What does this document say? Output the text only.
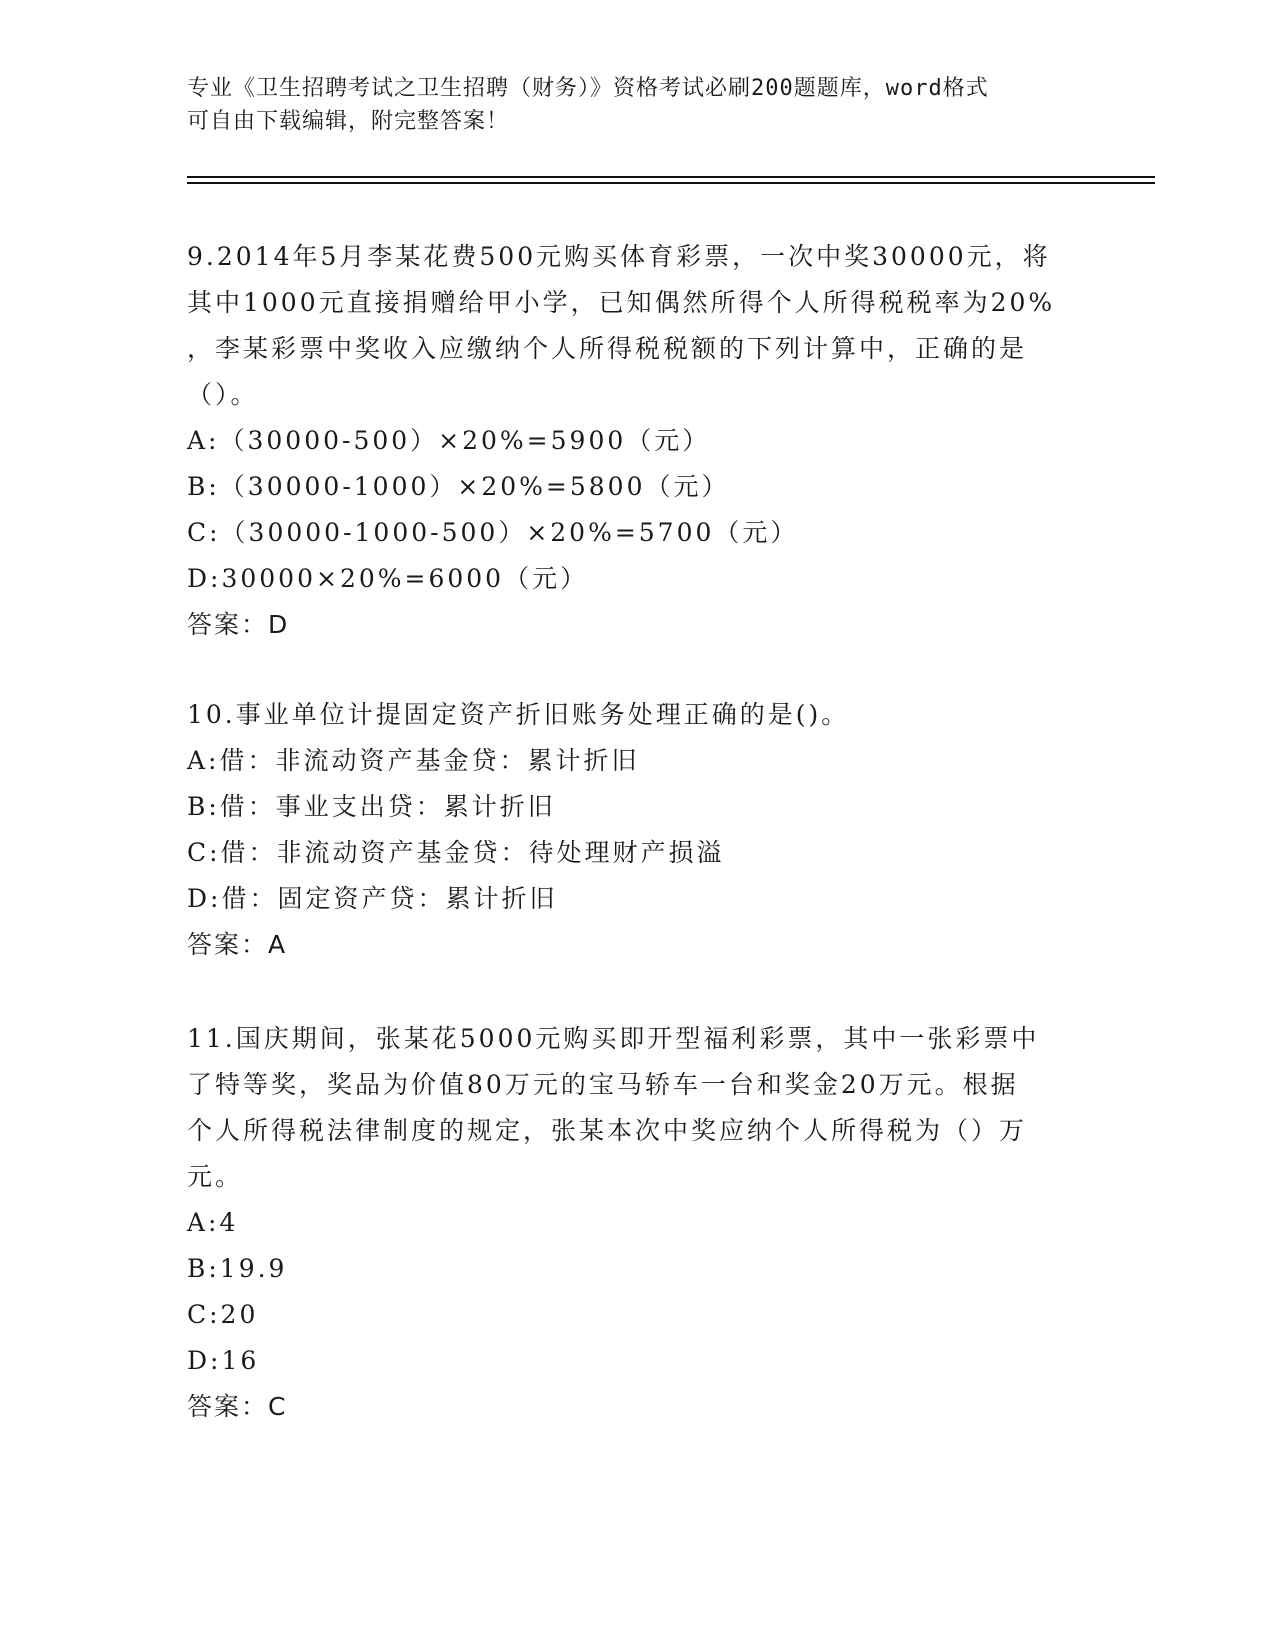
专业《卫生招聘考试之卫生招聘（财务）》资格考试必刷200题题库，word格式
可自由下载编辑，附完整答案！
9.2014年5月李某花费500元购买体育彩票，一次中奖30000元，将
其中1000元直接捐赠给甲小学，已知偶然所得个人所得税税率为20%
，李某彩票中奖收入应缴纳个人所得税税额的下列计算中，正确的是
（）。
A:（30000-500）×20%=5900（元）
B:（30000-1000）×20%=5800（元）
C:（30000-1000-500）×20%=5700（元）
D:30000×20%=6000（元）
答案：D
10.事业单位计提固定资产折旧账务处理正确的是()。
A:借：非流动资产基金贷：累计折旧
B:借：事业支出贷：累计折旧
C:借：非流动资产基金贷：待处理财产损溢
D:借：固定资产贷：累计折旧
答案：A
11.国庆期间，张某花5000元购买即开型福利彩票，其中一张彩票中
了特等奖，奖品为价值80万元的宝马轿车一台和奖金20万元。根据
个人所得税法律制度的规定，张某本次中奖应纳个人所得税为（）万
元。
A:4
B:19.9
C:20
D:16
答案：C
